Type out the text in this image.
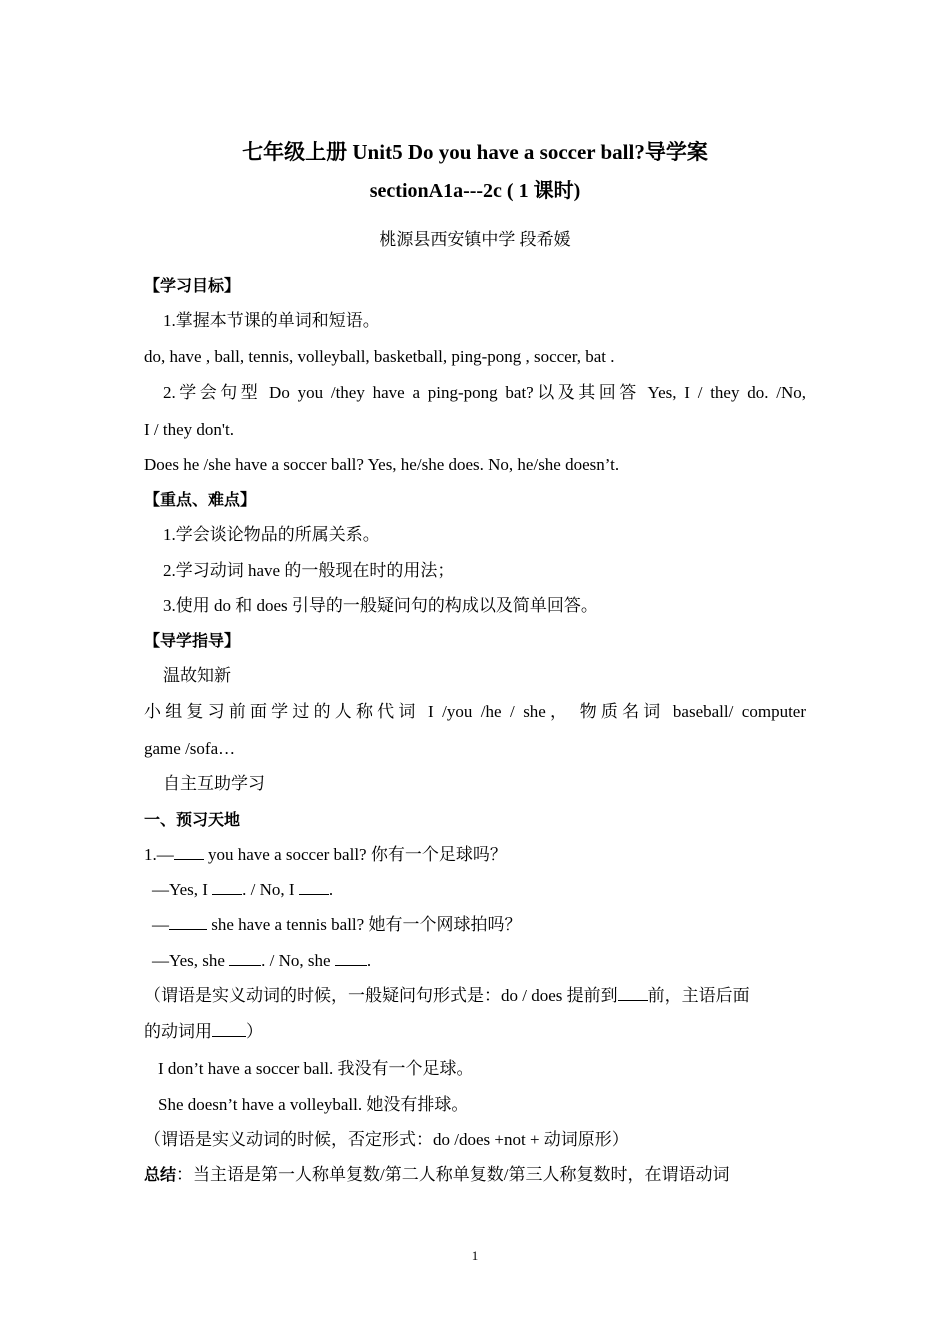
七年级上册 Unit5 Do you have a soccer ball?导学案
sectionA1a---2c ( 1 课时)
桃源县西安镇中学 段希媛
【学习目标】
1.掌握本节课的单词和短语。
do, have , ball, tennis, volleyball, basketball, ping-pong , soccer, bat .
2.学会句型 Do you /they have a ping-pong bat?以及其回答 Yes, I / they do. /No,
I / they don't.
Does he /she have a soccer ball? Yes, he/she does. No, he/she doesn’t.
【重点、难点】
1.学会谈论物品的所属关系。
2.学习动词 have 的一般现在时的用法；
3.使用 do 和 does 引导的一般疑问句的构成以及简单回答。
【导学指导】
温故知新
小组复习前面学过的人称代词 I /you /he / she， 物质名词 baseball/ computer
game /sofa…
自主互助学习
一、预习天地
1.— you have a soccer ball? 你有一个足球吗？
—Yes, I . / No, I .
— she have a tennis ball? 她有一个网球拍吗？
—Yes, she . / No, she .
（谓语是实义动词的时候，一般疑问句形式是：do / does 提前到 前，主语后面
的动词用 ）
I don’t have a soccer ball. 我没有一个足球。
She doesn’t have a volleyball. 她没有排球。
（谓语是实义动词的时候，否定形式：do /does +not + 动词原形）
总结：当主语是第一人称单复数/第二人称单复数/第三人称复数时，在谓语动词
1
